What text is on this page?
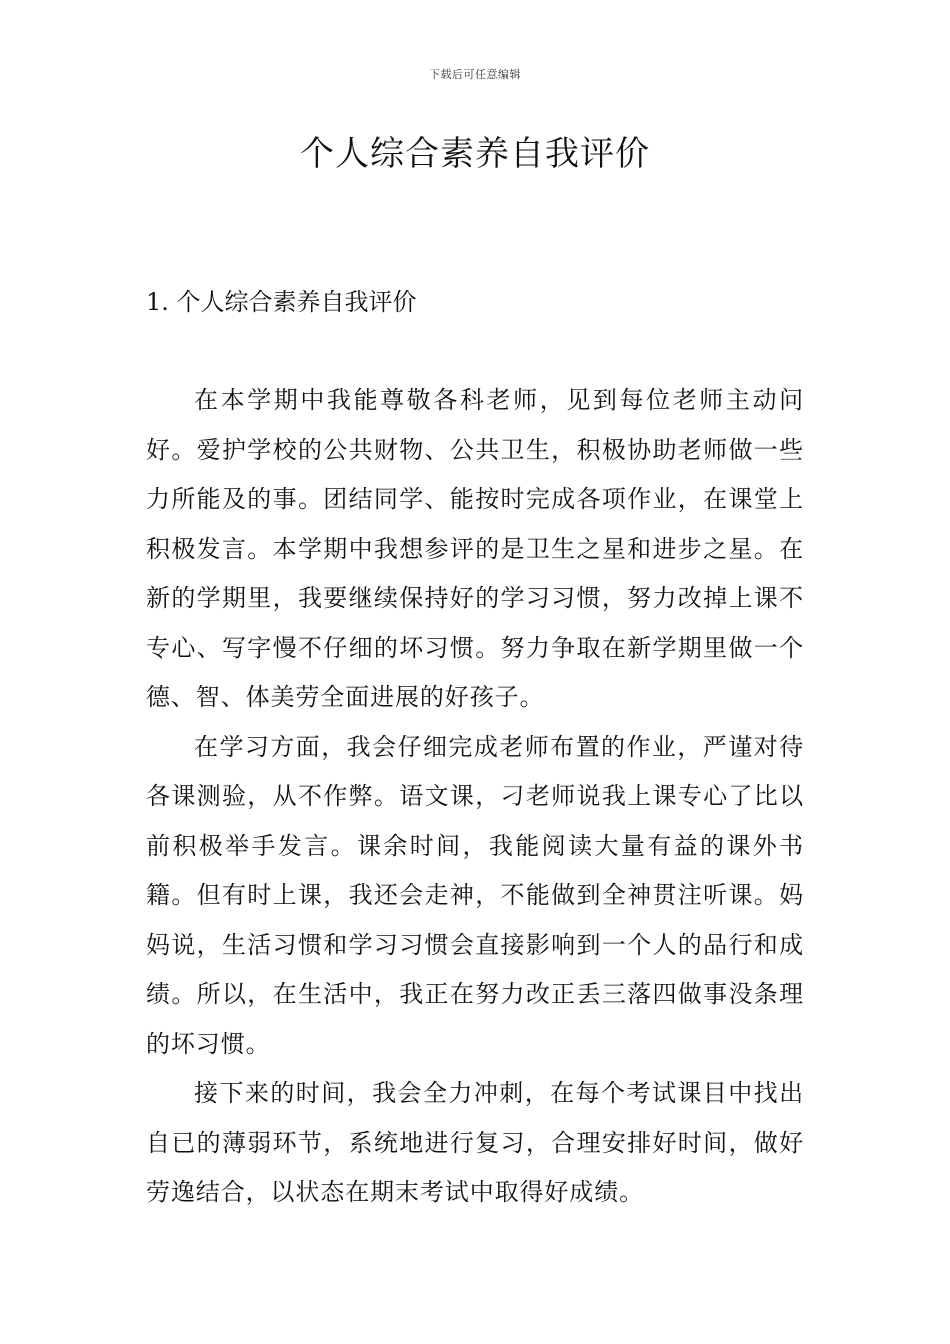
下载后可任意编辑
个人综合素养自我评价
1. 个人综合素养自我评价

在本学期中我能尊敬各科老师，见到每位老师主动问好。爱护学校的公共财物、公共卫生，积极协助老师做一些力所能及的事。团结同学、能按时完成各项作业，在课堂上积极发言。本学期中我想参评的是卫生之星和进步之星。在新的学期里，我要继续保持好的学习习惯，努力改掉上课不专心、写字慢不仔细的坏习惯。努力争取在新学期里做一个德、智、体美劳全面进展的好孩子。

在学习方面，我会仔细完成老师布置的作业，严谨对待各课测验，从不作弊。语文课，刁老师说我上课专心了比以前积极举手发言。课余时间，我能阅读大量有益的课外书籍。但有时上课，我还会走神，不能做到全神贯注听课。妈妈说，生活习惯和学习习惯会直接影响到一个人的品行和成绩。所以，在生活中，我正在努力改正丢三落四做事没条理的坏习惯。

接下来的时间，我会全力冲刺，在每个考试课目中找出自已的薄弱环节，系统地进行复习，合理安排好时间，做好劳逸结合，以状态在期末考试中取得好成绩。
